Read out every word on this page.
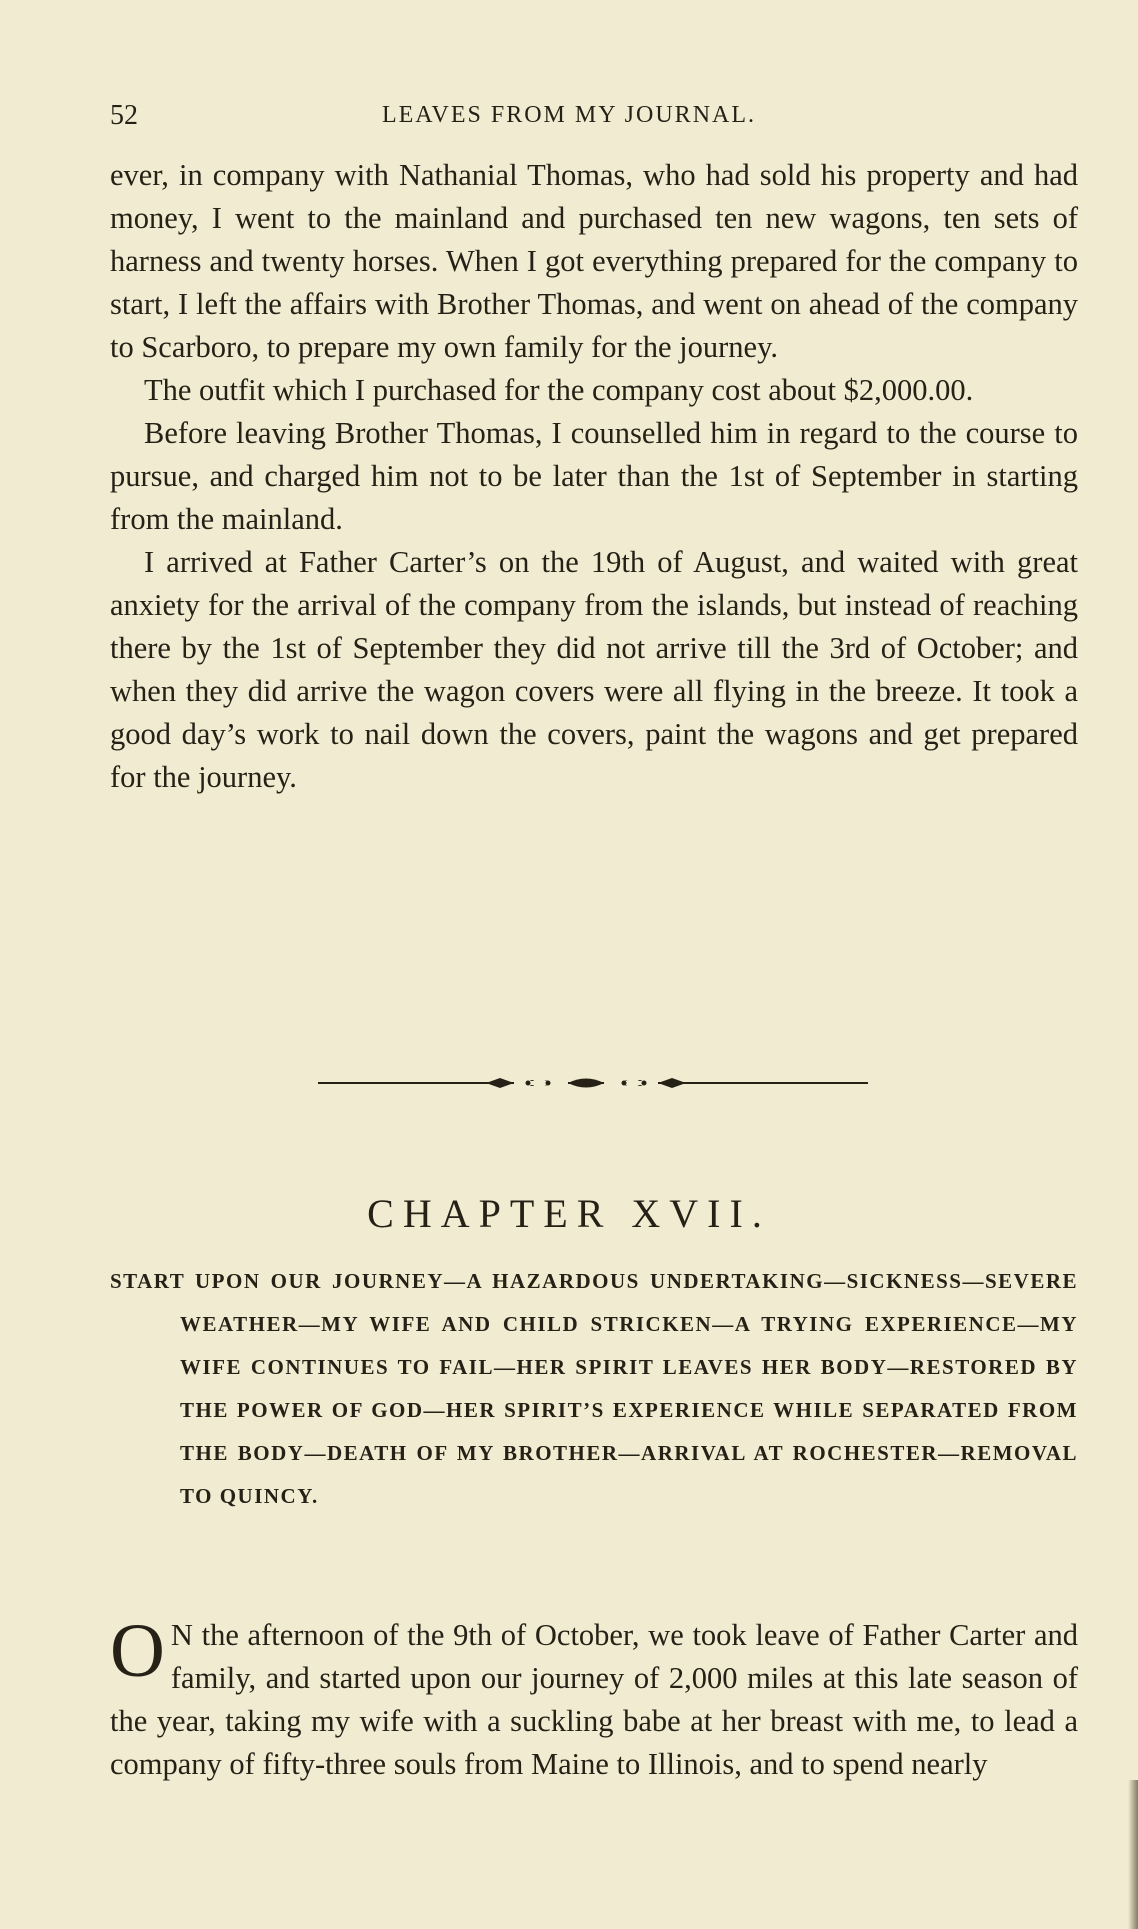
52	LEAVES FROM MY JOURNAL.

ever, in company with Nathanial Thomas, who had sold his property and had money, I went to the mainland and purchased ten new wagons, ten sets of harness and twenty horses. When I got everything prepared for the company to start, I left the affairs with Brother Thomas, and went on ahead of the company to Scarboro, to prepare my own family for the journey.

The outfit which I purchased for the company cost about $2,000.00.

Before leaving Brother Thomas, I counselled him in regard to the course to pursue, and charged him not to be later than the 1st of September in starting from the mainland.

I arrived at Father Carter’s on the 19th of August, and waited with great anxiety for the arrival of the company from the islands, but instead of reaching there by the 1st of September they did not arrive till the 3rd of October; and when they did arrive the wagon covers were all flying in the breeze. It took a good day’s work to nail down the covers, paint the wagons and get prepared for the journey.

CHAPTER XVII.

START UPON OUR JOURNEY—A HAZARDOUS UNDERTAKING—SICKNESS—SEVERE WEATHER—MY WIFE AND CHILD STRICKEN—A TRYING EXPERIENCE—MY WIFE CONTINUES TO FAIL—HER SPIRIT LEAVES HER BODY—RESTORED BY THE POWER OF GOD—HER SPIRIT’S EXPERIENCE WHILE SEPARATED FROM THE BODY—DEATH OF MY BROTHER—ARRIVAL AT ROCHESTER—REMOVAL TO QUINCY.

O N the afternoon of the 9th of October, we took leave of Father Carter and family, and started upon our journey of 2,000 miles at this late season of the year, taking my wife with a suckling babe at her breast with me, to lead a company of fifty-three souls from Maine to Illinois, and to spend nearly
